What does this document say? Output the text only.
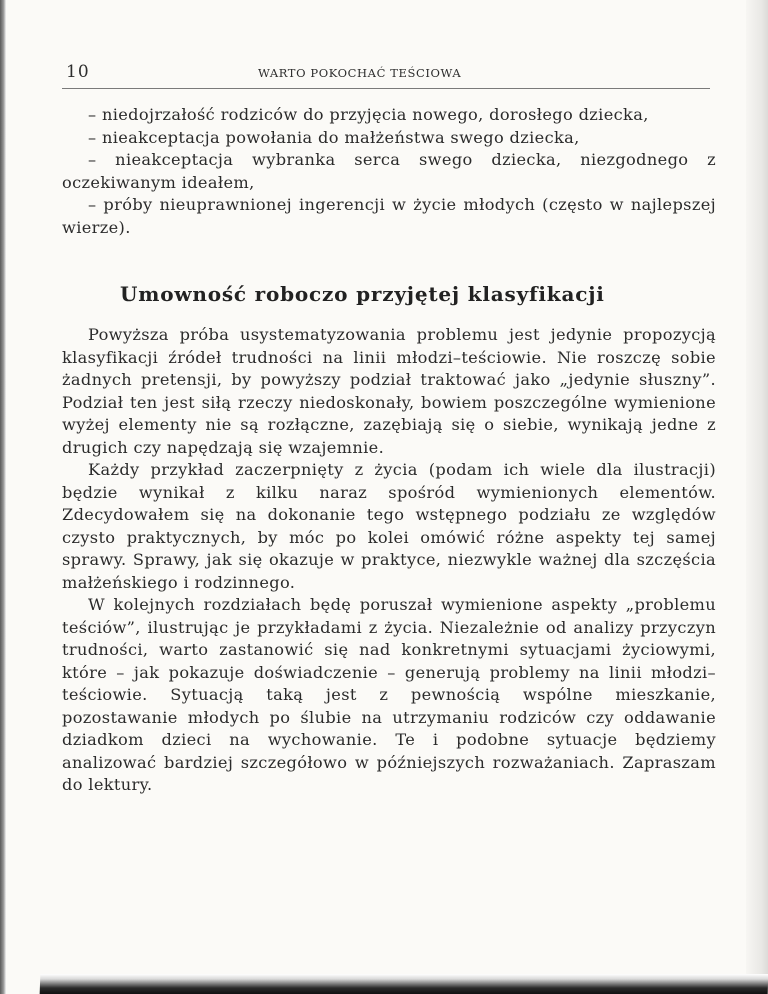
10	WARTO POKOCHAĆ TEŚCIOWA

– niedojrzałość rodziców do przyjęcia nowego, dorosłego dziecka,

– nieakceptacja powołania do małżeństwa swego dziecka,

– nieakceptacja wybranka serca swego dziecka, niezgodnego z oczekiwanym ideałem,

– próby nieuprawnionej ingerencji w życie młodych (często w najlepszej wierze).

Umowność roboczo przyjętej klasyfikacji

Powyższa próba usystematyzowania problemu jest jedynie propozycją klasyfikacji źródeł trudności na linii młodzi–teściowie. Nie roszczę sobie żadnych pretensji, by powyższy podział traktować jako „jedynie słuszny”. Podział ten jest siłą rzeczy niedoskonały, bowiem poszczególne wymienione wyżej elementy nie są rozłączne, zazębiają się o siebie, wynikają jedne z drugich czy napędzają się wzajemnie.

Każdy przykład zaczerpnięty z życia (podam ich wiele dla ilustracji) będzie wynikał z kilku naraz spośród wymienionych elementów. Zdecydowałem się na dokonanie tego wstępnego podziału ze względów czysto praktycznych, by móc po kolei omówić różne aspekty tej samej sprawy. Sprawy, jak się okazuje w praktyce, niezwykle ważnej dla szczęścia małżeńskiego i rodzinnego.

W kolejnych rozdziałach będę poruszał wymienione aspekty „problemu teściów”, ilustrując je przykładami z życia. Niezależnie od analizy przyczyn trudności, warto zastanowić się nad konkretnymi sytuacjami życiowymi, które – jak pokazuje doświadczenie – generują problemy na linii młodzi–teściowie. Sytuacją taką jest z pewnością wspólne mieszkanie, pozostawanie młodych po ślubie na utrzymaniu rodziców czy oddawanie dziadkom dzieci na wychowanie. Te i podobne sytuacje będziemy analizować bardziej szczegółowo w późniejszych rozważaniach. Zapraszam do lektury.
